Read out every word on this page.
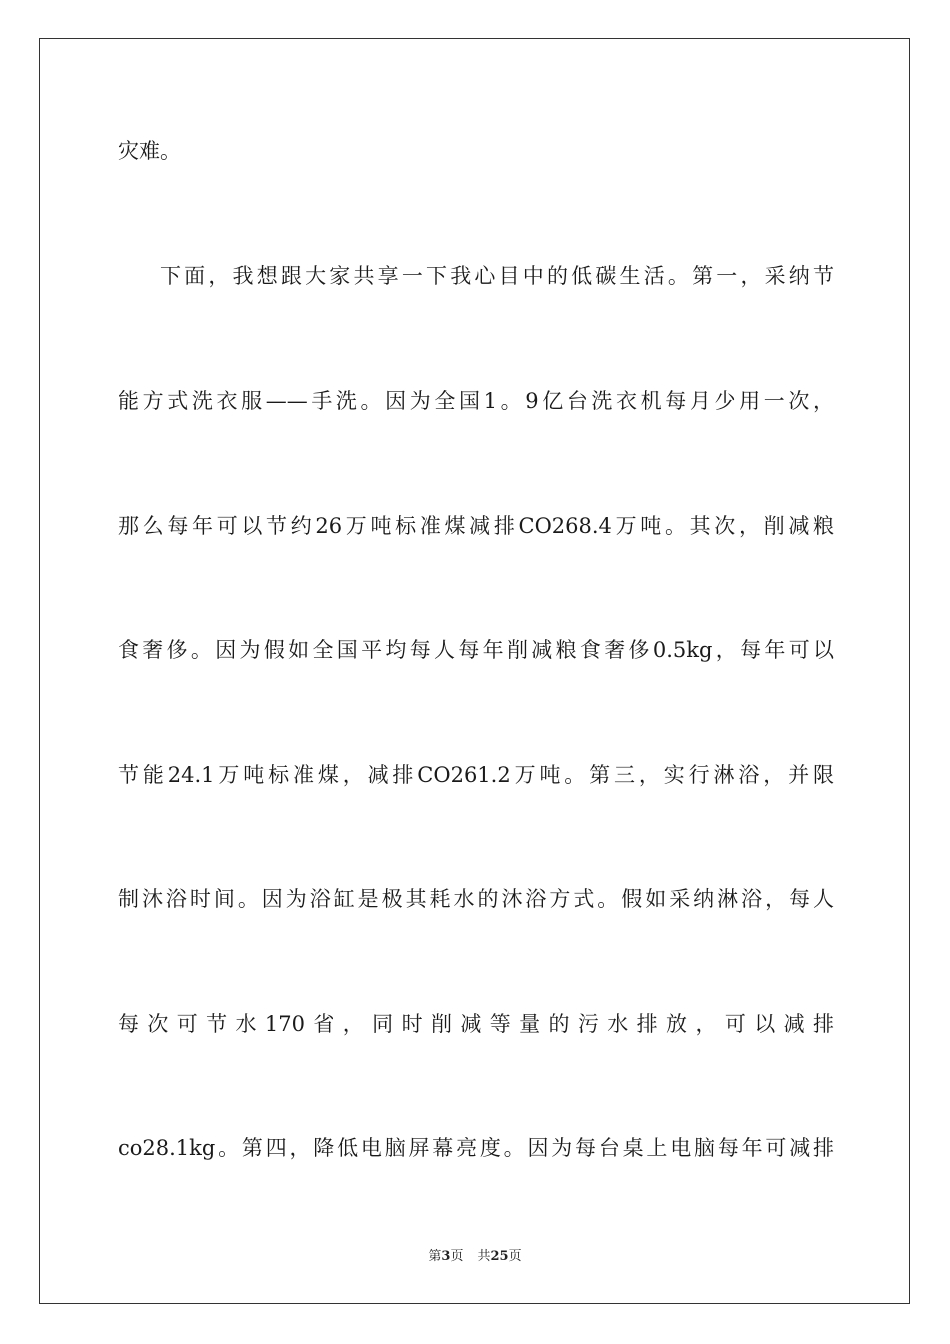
灾难。
下面，我想跟大家共享一下我心目中的低碳生活。第一，采纳节
能方式洗衣服——手洗。因为全国1。9亿台洗衣机每月少用一次，
那么每年可以节约26万吨标准煤减排CO268.4万吨。其次，削减粮
食奢侈。因为假如全国平均每人每年削减粮食奢侈0.5kg，每年可以
节能24.1万吨标准煤，减排CO261.2万吨。第三，实行淋浴，并限
制沐浴时间。因为浴缸是极其耗水的沐浴方式。假如采纳淋浴，每人
每次可节水170省，同时削减等量的污水排放，可以减排
co28.1kg。第四，降低电脑屏幕亮度。因为每台桌上电脑每年可减排
第3页 共25页
